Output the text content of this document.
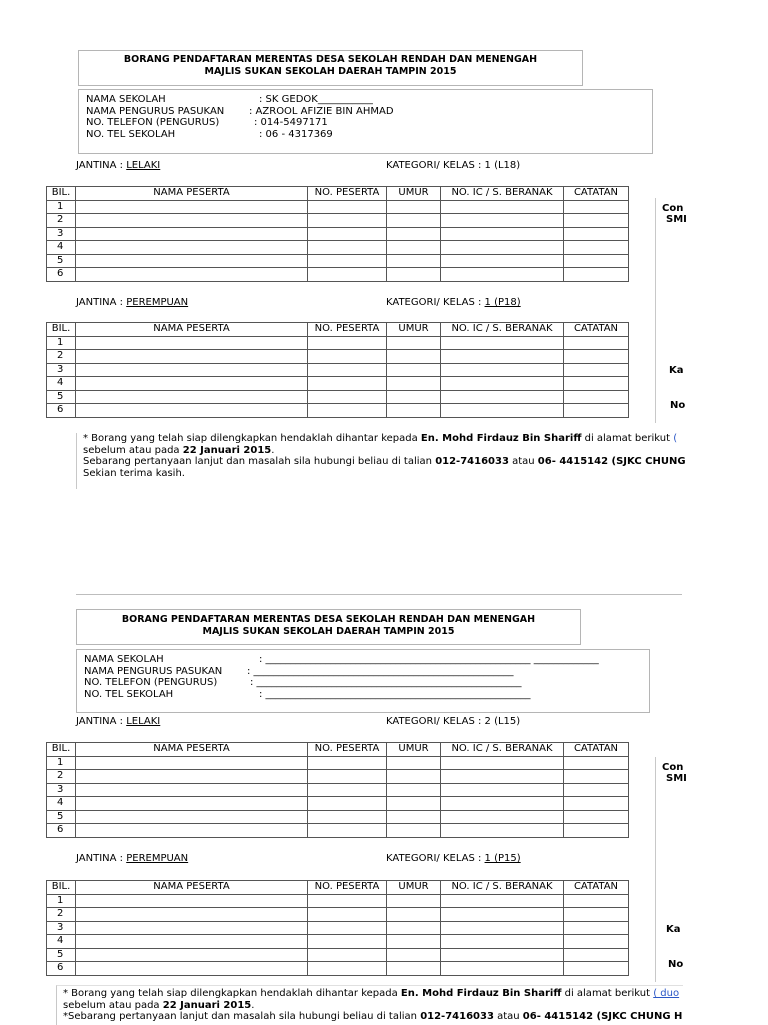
BORANG PENDAFTARAN MERENTAS DESA SEKOLAH RENDAH DAN MENENGAH
MAJLIS SUKAN SEKOLAH DAERAH TAMPIN 2015
NAMA SEKOLAH	: SK GEDOK___________
NAMA PENGURUS PASUKAN : AZROOL AFIZIE BIN AHMAD
NO. TELEFON (PENGURUS)	: 014-5497171
NO. TEL SEKOLAH	: 06 - 4317369
JANTINA : LELAKI	KATEGORI/ KELAS : 1 (L18)
BIL.	NAMA PESERTA	NO. PESERTA	UMUR	NO. IC / S. BERANAK	CATATAN
1					
2					
3					
4					
5					
6					
JANTINA : PEREMPUAN	KATEGORI/ KELAS : 1 (P18)
BIL.	NAMA PESERTA	NO. PESERTA	UMUR	NO. IC / S. BERANAK	CATATAN
1					
2					
3					
4					
5					
6					
Con
SMI
Ka
No
* Borang yang telah siap dilengkapkan hendaklah dihantar kepada En. Mohd Firdauz Bin Shariff di alamat berikut (
sebelum atau pada 22 Januari 2015.
Sebarang pertanyaan lanjut dan masalah sila hubungi beliau di talian 012-7416033 atau 06- 4415142 (SJKC CHUNG
Sekian terima kasih.
BORANG PENDAFTARAN MERENTAS DESA SEKOLAH RENDAH DAN MENENGAH
MAJLIS SUKAN SEKOLAH DAERAH TAMPIN 2015
NAMA SEKOLAH	: _____________________________________________________ _____________
NAMA PENGURUS PASUKAN : ____________________________________________________
NO. TELEFON (PENGURUS)	: _____________________________________________________
NO. TEL SEKOLAH	: _____________________________________________________
JANTINA : LELAKI	KATEGORI/ KELAS : 2 (L15)
BIL.	NAMA PESERTA	NO. PESERTA	UMUR	NO. IC / S. BERANAK	CATATAN
1					
2					
3					
4					
5					
6					
JANTINA : PEREMPUAN	KATEGORI/ KELAS : 1 (P15)
BIL.	NAMA PESERTA	NO. PESERTA	UMUR	NO. IC / S. BERANAK	CATATAN
1					
2					
3					
4					
5					
6					
Con
SMI
Ka
No
* Borang yang telah siap dilengkapkan hendaklah dihantar kepada En. Mohd Firdauz Bin Shariff di alamat berikut ( duo
sebelum atau pada 22 Januari 2015.
*Sebarang pertanyaan lanjut dan masalah sila hubungi beliau di talian 012-7416033 atau 06- 4415142 (SJKC CHUNG H
